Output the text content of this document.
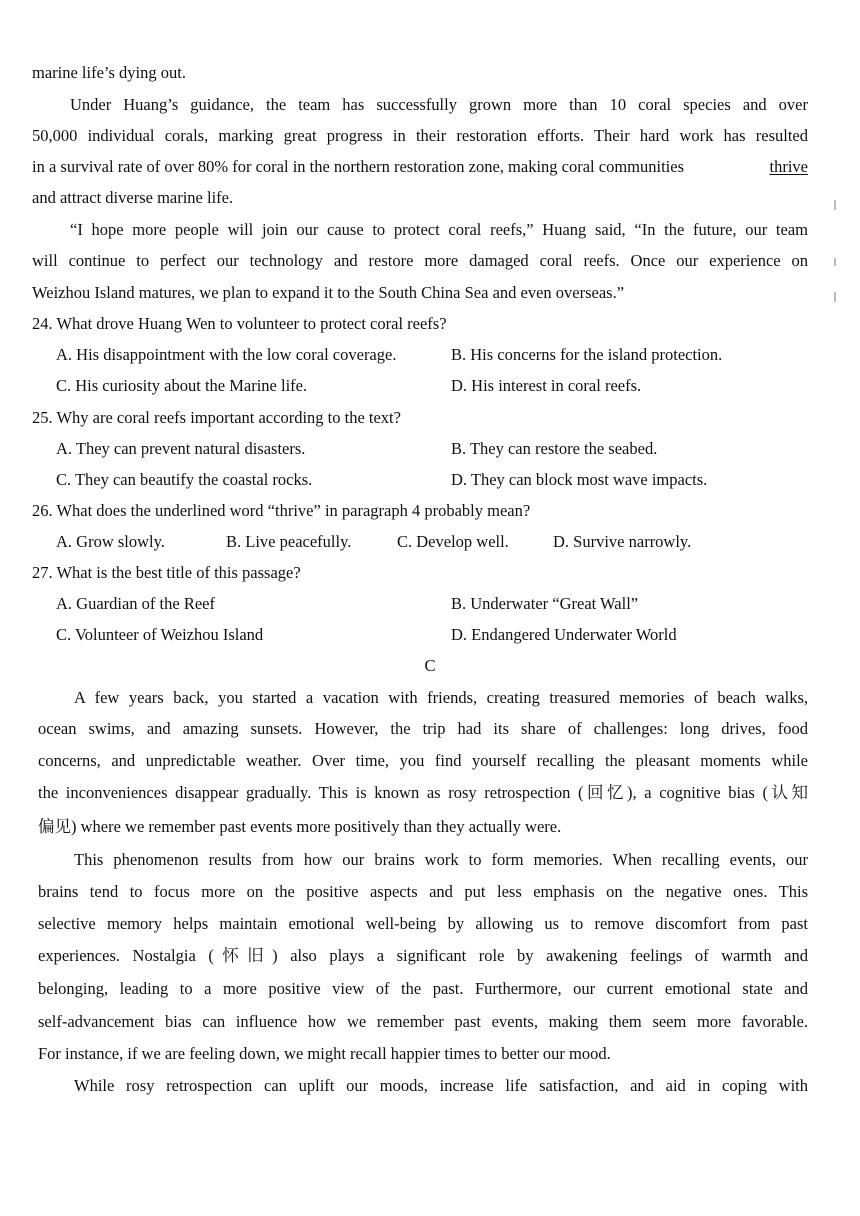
marine life’s dying out.
Under Huang’s guidance, the team has successfully grown more than 10 coral species and over
50,000 individual corals, marking great progress in their restoration efforts. Their hard work has resulted
in a survival rate of over 80% for coral in the northern restoration zone, making coral communities	thrive
and attract diverse marine life.
“I hope more people will join our cause to protect coral reefs,” Huang said, “In the future, our team
will continue to perfect our technology and restore more damaged coral reefs. Once our experience on
Weizhou Island matures, we plan to expand it to the South China Sea and even overseas.”
24. What drove Huang Wen to volunteer to protect coral reefs?
A. His disappointment with the low coral coverage.	B. His concerns for the island protection.
C. His curiosity about the Marine life.	D. His interest in coral reefs.
25. Why are coral reefs important according to the text?
A. They can prevent natural disasters.	B. They can restore the seabed.
C. They can beautify the coastal rocks.	D. They can block most wave impacts.
26. What does the underlined word “thrive” in paragraph 4 probably mean?
A. Grow slowly.	B. Live peacefully.	C. Develop well.	D. Survive narrowly.
27. What is the best title of this passage?
A. Guardian of the Reef	B. Underwater “Great Wall”
C. Volunteer of Weizhou Island	D. Endangered Underwater World
C
A few years back, you started a vacation with friends, creating treasured memories of beach walks,
ocean swims, and amazing sunsets. However, the trip had its share of challenges: long drives, food
concerns, and unpredictable weather. Over time, you find yourself recalling the pleasant moments while
the inconveniences disappear gradually. This is known as rosy retrospection (回忆), a cognitive bias (认知
偏见) where we remember past events more positively than they actually were.
This phenomenon results from how our brains work to form memories. When recalling events, our
brains tend to focus more on the positive aspects and put less emphasis on the negative ones. This
selective memory helps maintain emotional well-being by allowing us to remove discomfort from past
experiences. Nostalgia (怀旧) also plays a significant role by awakening feelings of warmth and
belonging, leading to a more positive view of the past. Furthermore, our current emotional state and
self-advancement bias can influence how we remember past events, making them seem more favorable.
For instance, if we are feeling down, we might recall happier times to better our mood.
While rosy retrospection can uplift our moods, increase life satisfaction, and aid in coping with
